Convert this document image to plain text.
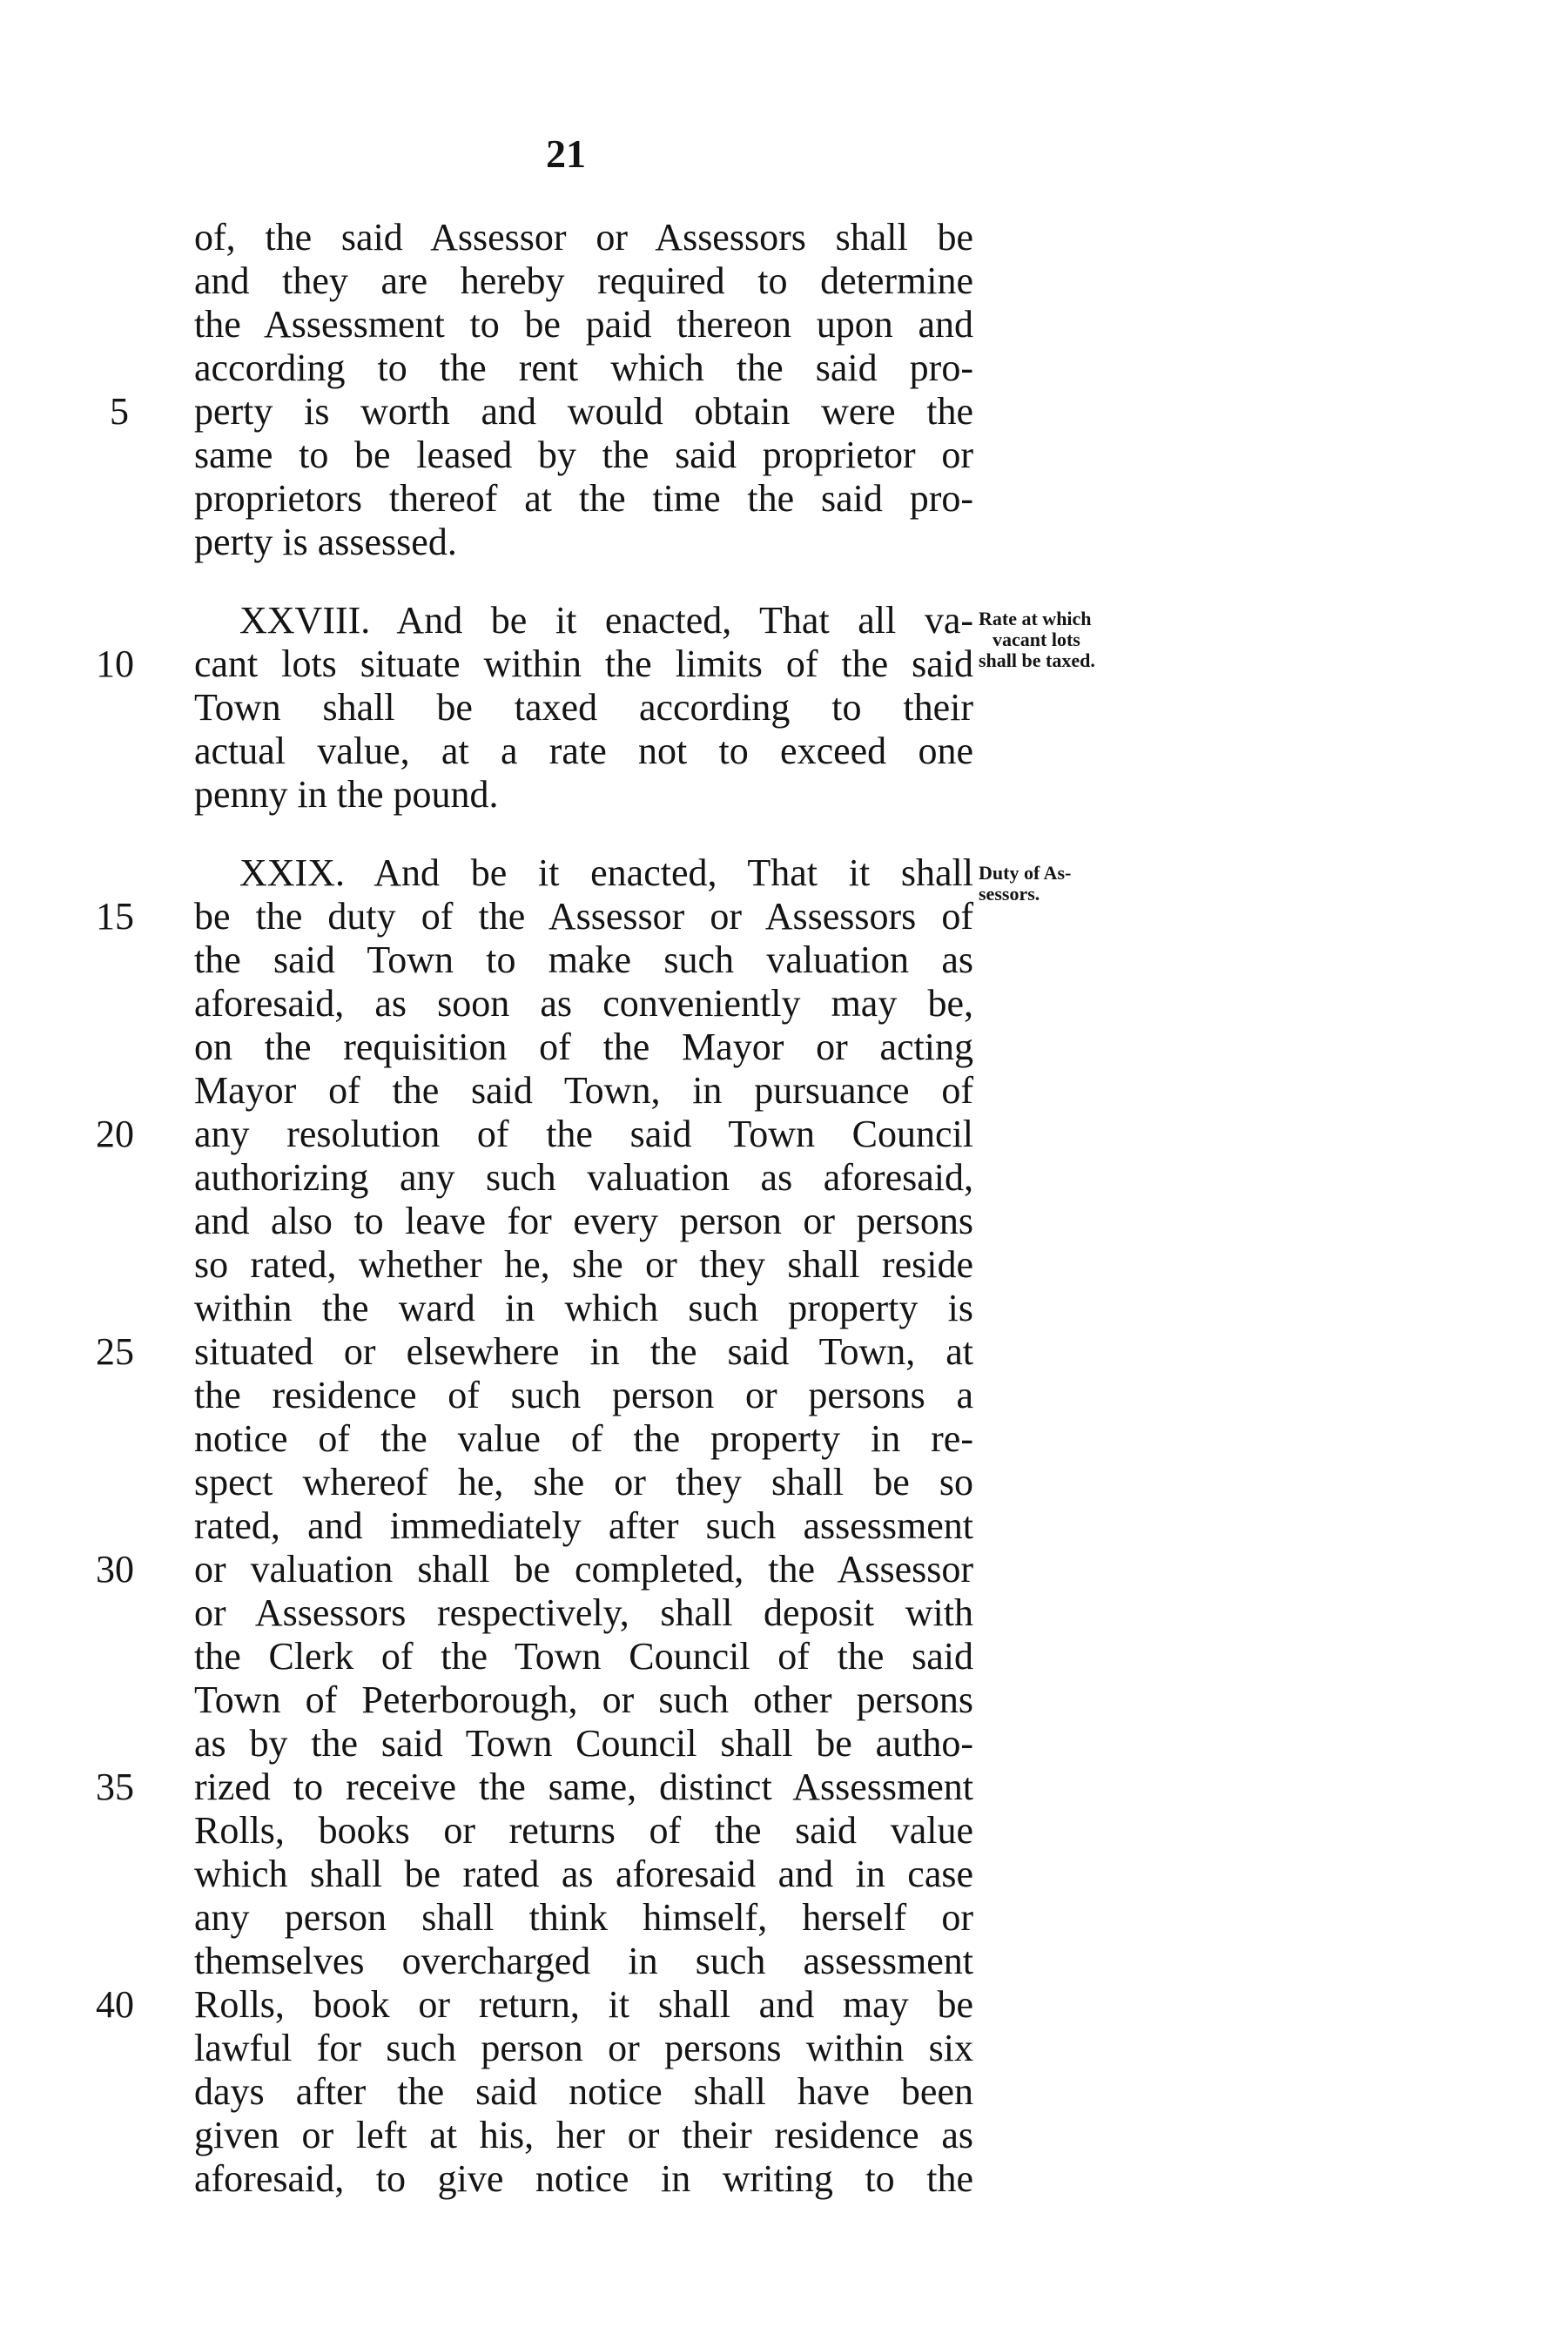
21
of, the said Assessor or Assessors shall be
and they are hereby required to determine
the Assessment to be paid thereon upon and
according to the rent which the said pro-
perty is worth and would obtain were the
same to be leased by the said proprietor or
proprietors thereof at the time the said pro-
perty is assessed.
XXVIII. And be it enacted, That all va-
cant lots situate within the limits of the said
Town shall be taxed according to their
actual value, at a rate not to exceed one
penny in the pound.
XXIX. And be it enacted, That it shall
be the duty of the Assessor or Assessors of
the said Town to make such valuation as
aforesaid, as soon as conveniently may be,
on the requisition of the Mayor or acting
Mayor of the said Town, in pursuance of
any resolution of the said Town Council
authorizing any such valuation as aforesaid,
and also to leave for every person or persons
so rated, whether he, she or they shall reside
within the ward in which such property is
situated or elsewhere in the said Town, at
the residence of such person or persons a
notice of the value of the property in re-
spect whereof he, she or they shall be so
rated, and immediately after such assessment
or valuation shall be completed, the Assessor
or Assessors respectively, shall deposit with
the Clerk of the Town Council of the said
Town of Peterborough, or such other persons
as by the said Town Council shall be autho-
rized to receive the same, distinct Assessment
Rolls, books or returns of the said value
which shall be rated as aforesaid and in case
any person shall think himself, herself or
themselves overcharged in such assessment
Rolls, book or return, it shall and may be
lawful for such person or persons within six
days after the said notice shall have been
given or left at his, her or their residence as
aforesaid, to give notice in writing to the
5
10
15
20
25
30
35
40
Rate at which
vacant lots
shall be taxed.
Duty of As-
sessors.
